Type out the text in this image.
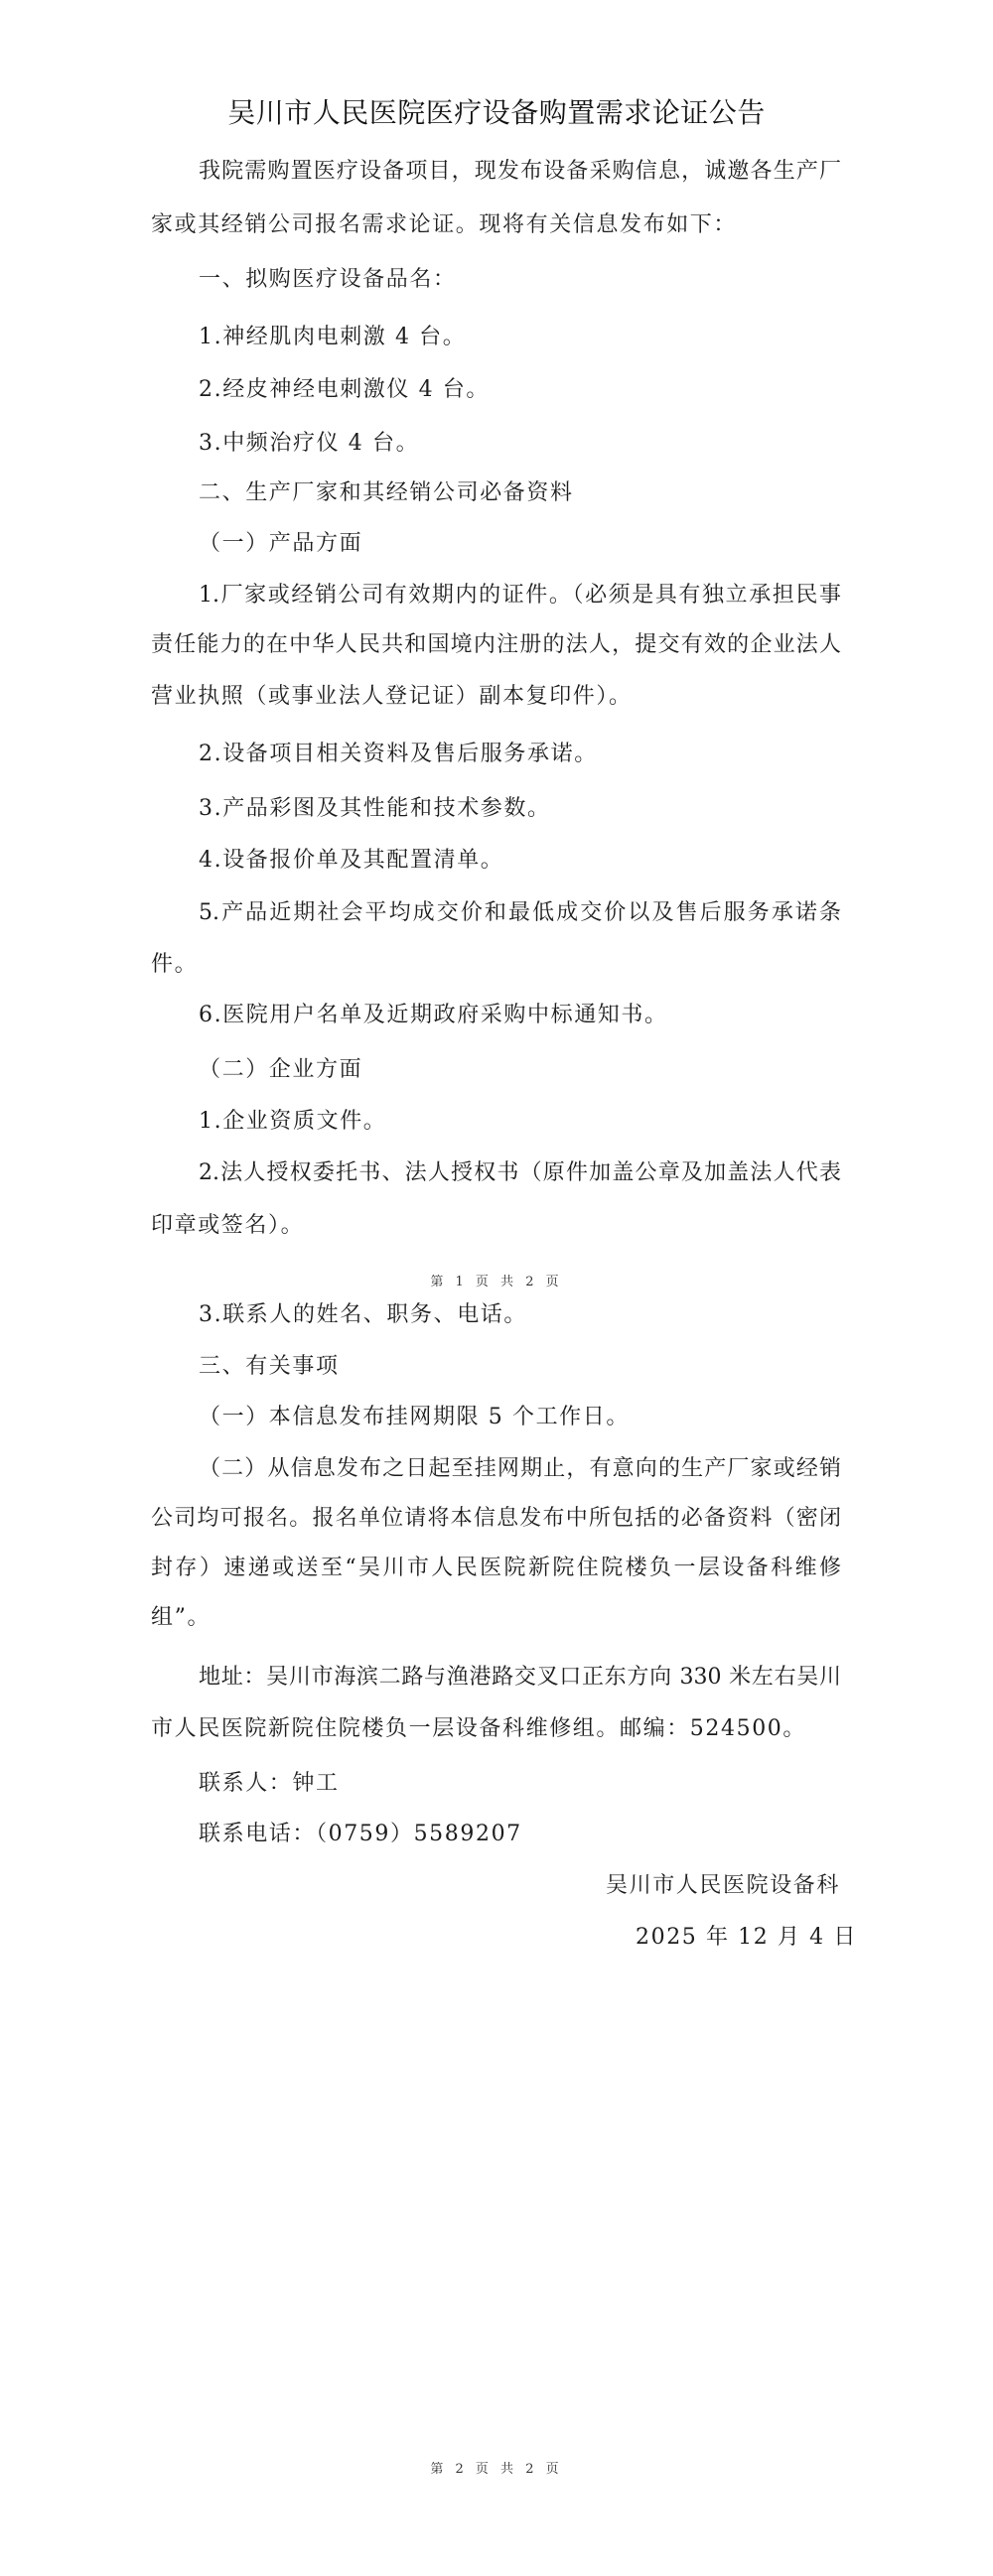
吴川市人民医院医疗设备购置需求论证公告
我院需购置医疗设备项目，现发布设备采购信息，诚邀各生产厂
家或其经销公司报名需求论证。现将有关信息发布如下：
一、拟购医疗设备品名：
1.神经肌肉电刺激 4 台。
2.经皮神经电刺激仪 4 台。
3.中频治疗仪 4 台。
二、生产厂家和其经销公司必备资料
（一）产品方面
1.厂家或经销公司有效期内的证件。（必须是具有独立承担民事
责任能力的在中华人民共和国境内注册的法人，提交有效的企业法人
营业执照（或事业法人登记证）副本复印件）。
2.设备项目相关资料及售后服务承诺。
3.产品彩图及其性能和技术参数。
4.设备报价单及其配置清单。
5.产品近期社会平均成交价和最低成交价以及售后服务承诺条
件。
6.医院用户名单及近期政府采购中标通知书。
（二）企业方面
1.企业资质文件。
2.法人授权委托书、法人授权书（原件加盖公章及加盖法人代表
印章或签名）。
第 1 页 共 2 页
3.联系人的姓名、职务、电话。
三、有关事项
（一）本信息发布挂网期限 5 个工作日。
（二）从信息发布之日起至挂网期止，有意向的生产厂家或经销
公司均可报名。报名单位请将本信息发布中所包括的必备资料（密闭
封存）速递或送至“吴川市人民医院新院住院楼负一层设备科维修
组”。
地址：吴川市海滨二路与渔港路交叉口正东方向 330 米左右吴川
市人民医院新院住院楼负一层设备科维修组。邮编：524500。
联系人：钟工
联系电话：（0759）5589207
吴川市人民医院设备科
2025 年 12 月 4 日
第 2 页 共 2 页
